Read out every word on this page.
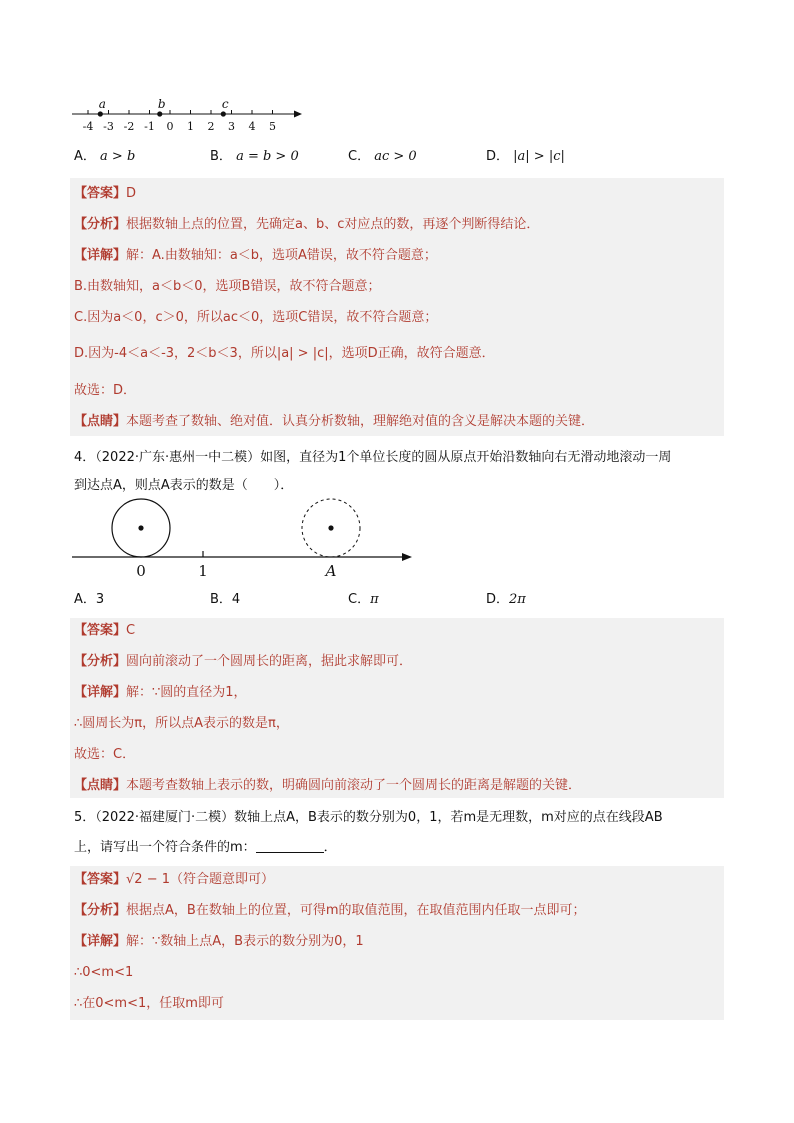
-4 -3 -2 -1 0 1 2 3 4 5
a	b	c
A． a > b	B． a = b > 0	C． ac > 0	D． |a| > |c|
【答案】D
【分析】根据数轴上点的位置，先确定a、b、c对应点的数，再逐个判断得结论．
【详解】解：A.由数轴知：a＜b，选项A错误，故不符合题意；
B.由数轴知，a＜b＜0，选项B错误，故不符合题意；
C.因为a＜0，c＞0，所以ac＜0，选项C错误，故不符合题意；
D.因为-4＜a＜-3，2＜b＜3，所以|a| > |c|，选项D正确，故符合题意．
故选：D．
【点睛】本题考查了数轴、绝对值．认真分析数轴，理解绝对值的含义是解决本题的关键．
4．（2022·广东·惠州一中二模）如图，直径为1个单位长度的圆从原点开始沿数轴向右无滑动地滚动一周
到达点A，则点A表示的数是（　　）．
0	1	A
A．3	B．4	C．π	D．2π
【答案】C
【分析】圆向前滚动了一个圆周长的距离，据此求解即可．
【详解】解：∵圆的直径为1，
∴圆周长为π，所以点A表示的数是π，
故选：C．
【点睛】本题考查数轴上表示的数，明确圆向前滚动了一个圆周长的距离是解题的关键．
5．（2022·福建厦门·二模）数轴上点A，B表示的数分别为0，1，若m是无理数，m对应的点在线段AB
上，请写出一个符合条件的m：	．
【答案】√2 − 1（符合题意即可）
【分析】根据点A，B在数轴上的位置，可得m的取值范围，在取值范围内任取一点即可；
【详解】解：∵数轴上点A，B表示的数分别为0，1
∴0<m<1
∴在0<m<1，任取m即可
